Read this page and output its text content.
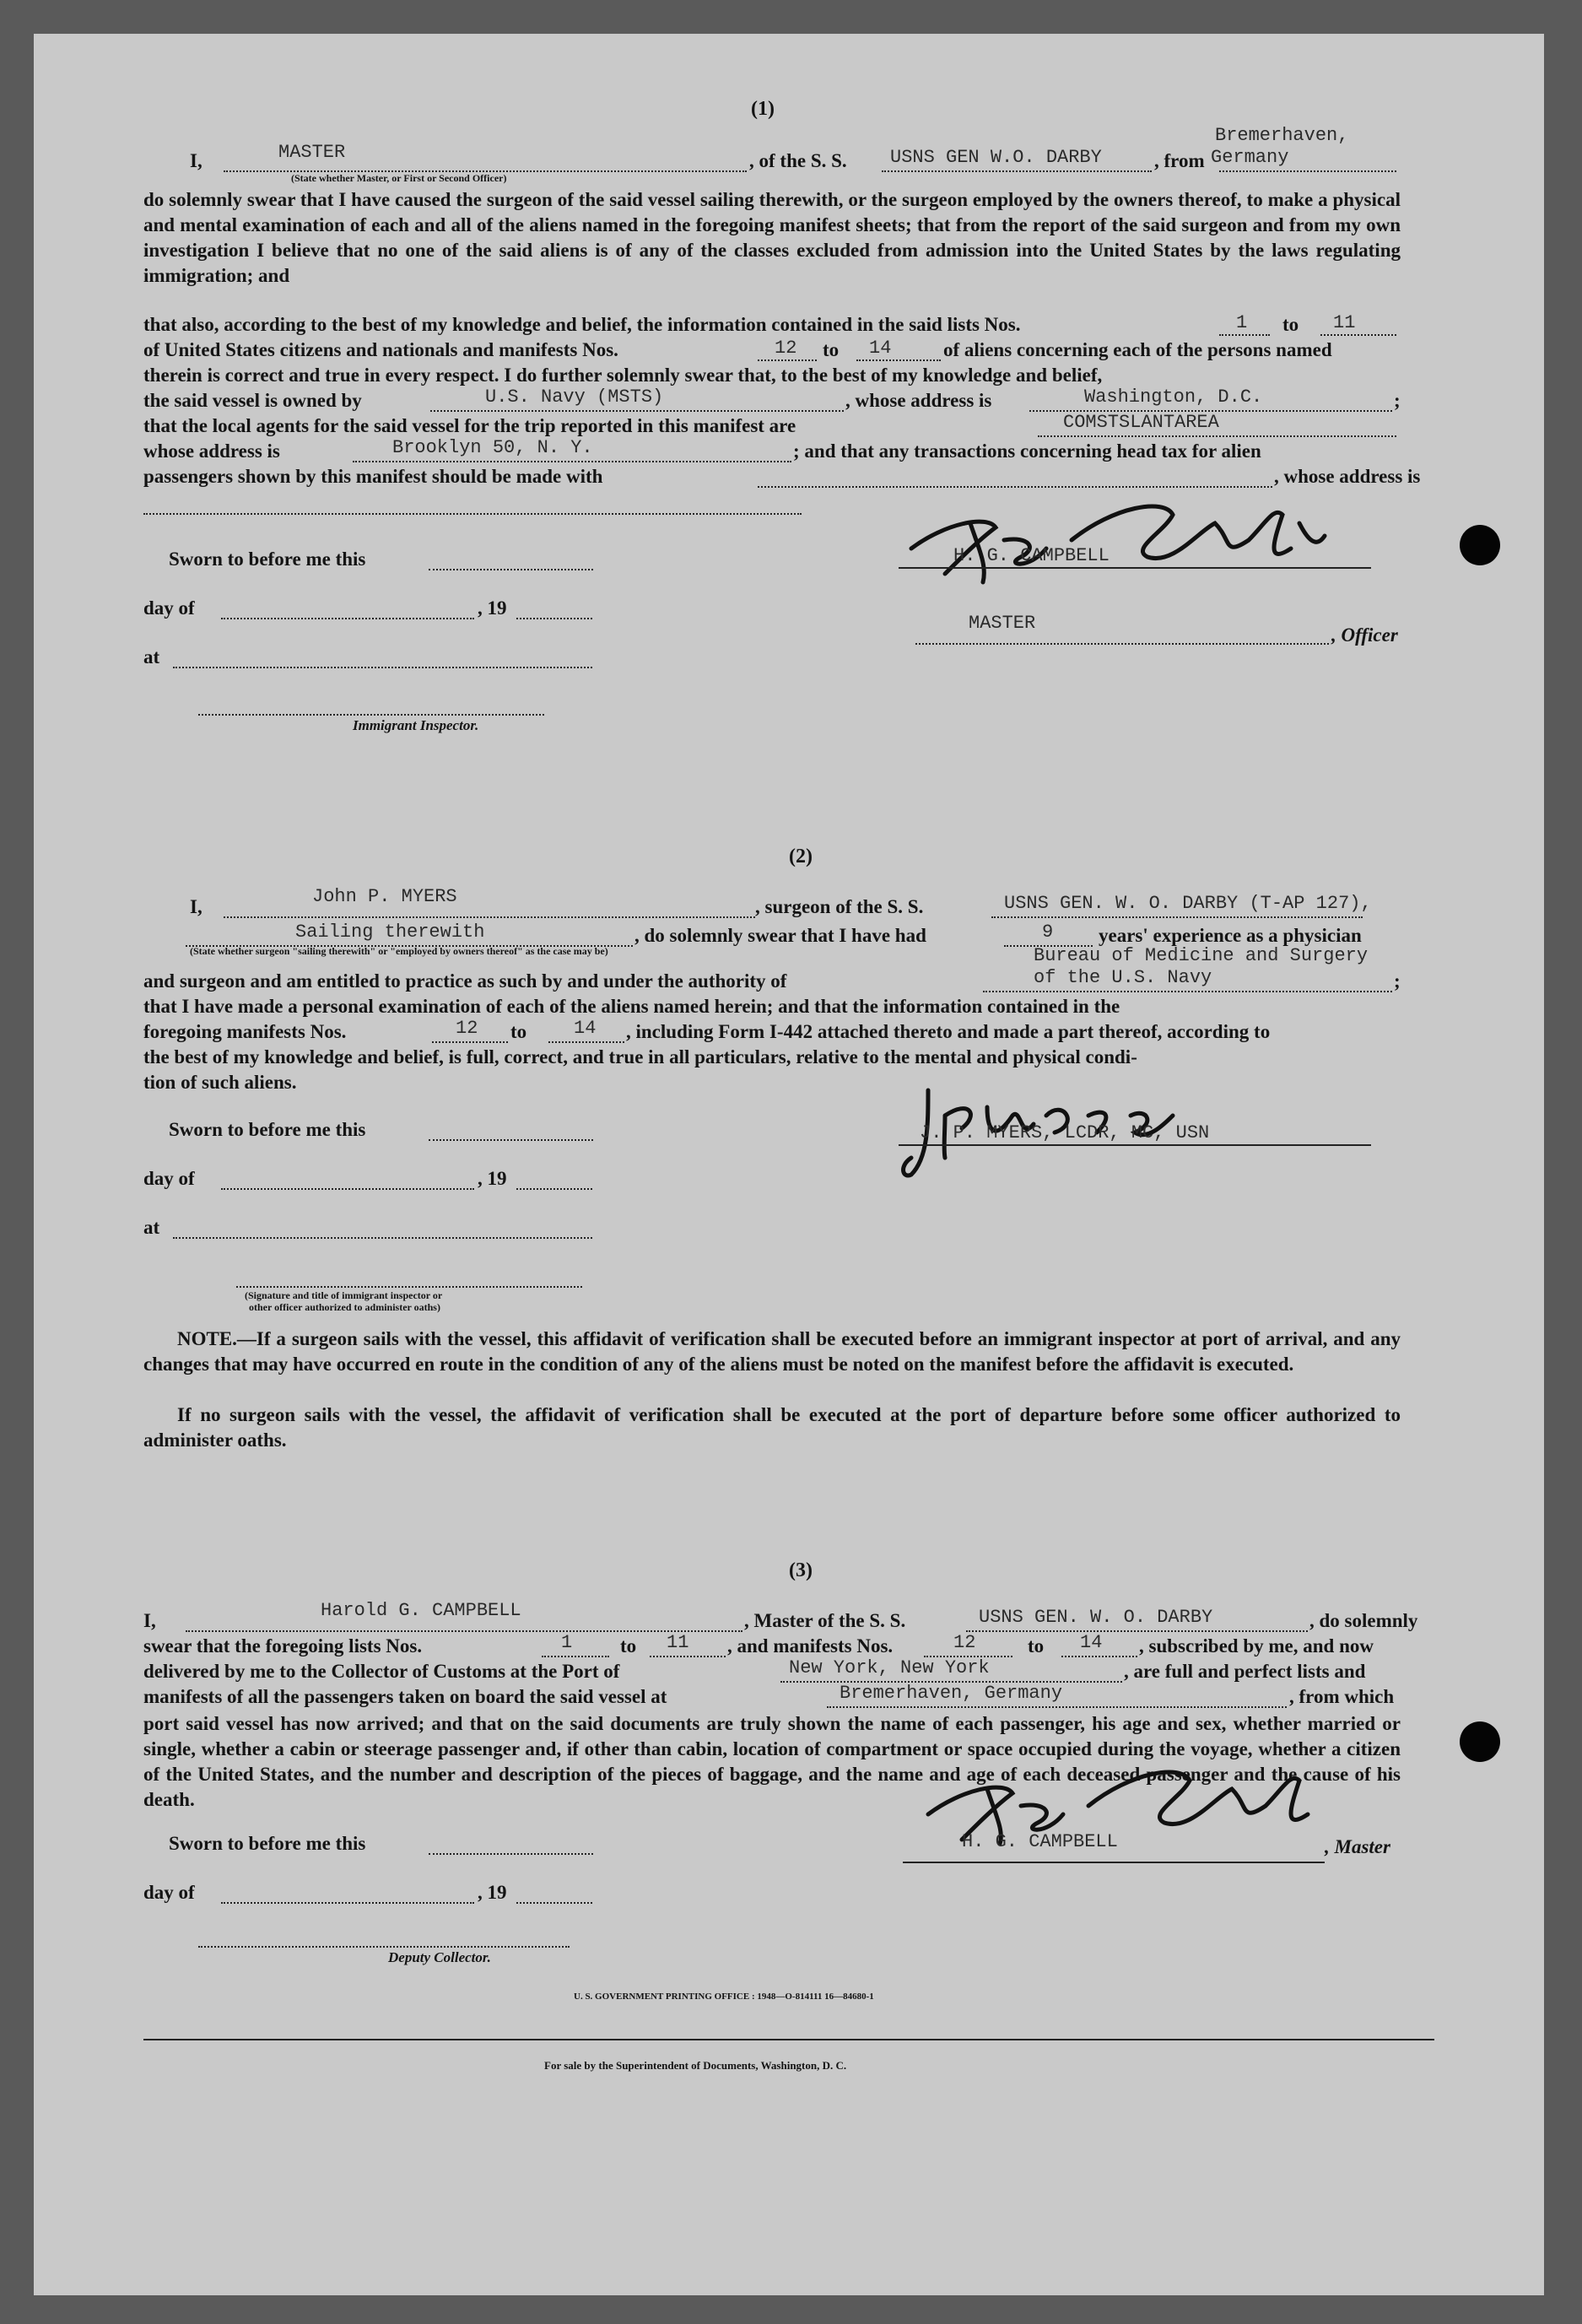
(1)
Bremerhaven,
I,	MASTER
(State whether Master, or First or Second Officer)
, of the S. S. USNS GEN W.O. DARBY	, from Germany
do solemnly swear that I have caused the surgeon of the said vessel sailing therewith, or the surgeon employed by the owners thereof, to make a physical and mental examination of each and all of the aliens named in the foregoing manifest sheets; that from the report of the said surgeon and from my own investigation I believe that no one of the said aliens is of any of the classes excluded from admission into the United States by the laws regulating immigration; and
that also, according to the best of my knowledge and belief, the information contained in the said lists Nos.	1 to 11
of United States citizens and nationals and manifests Nos.	12 to 14	of aliens concerning each of the persons named
therein is correct and true in every respect. I do further solemnly swear that, to the best of my knowledge and belief,
the said vessel is owned by	U.S. Navy (MSTS)	, whose address is	Washington, D.C.	;
that the local agents for the said vessel for the trip reported in this manifest are	COMSTSLANTAREA
whose address is	Brooklyn 50, N. Y.	; and that any transactions concerning head tax for alien
passengers shown by this manifest should be made with	, whose address is
Sworn to before me this
day of	, 19
at
Immigrant Inspector.
H. G. CAMPBELL
MASTER
, Officer
(2)
I,	John P. MYERS	, surgeon of the S. S.	USNS GEN. W. O. DARBY (T-AP 127),
Sailing therewith
(State whether surgeon "sailing therewith" or "employed by owners thereof" as the case may be)
, do solemnly swear that I have had	9 years' experience as a physician
Bureau of Medicine and Surgery
and surgeon and am entitled to practice as such by and under the authority of	of the U.S. Navy	;
that I have made a personal examination of each of the aliens named herein; and that the information contained in the
foregoing manifests Nos.	12 to	14 , including Form I-442 attached thereto and made a part thereof, according to
the best of my knowledge and belief, is full, correct, and true in all particulars, relative to the mental and physical condi-
tion of such aliens.
Sworn to before me this
day of	, 19
at
(Signature and title of immigrant inspector or
other officer authorized to administer oaths)
J. P. MYERS, LCDR, MC, USN
NOTE.—If a surgeon sails with the vessel, this affidavit of verification shall be executed before an immigrant inspector at port of arrival, and any changes that may have occurred en route in the condition of any of the aliens must be noted on the manifest before the affidavit is executed.
If no surgeon sails with the vessel, the affidavit of verification shall be executed at the port of departure before some officer authorized to administer oaths.
(3)
I,	Harold G. CAMPBELL	, Master of the S. S.	USNS GEN. W. O. DARBY	, do solemnly
swear that the foregoing lists Nos.	1 to 11 , and manifests Nos.	12	to 14 , subscribed by me, and now
delivered by me to the Collector of Customs at the Port of	New York, New York	, are full and perfect lists and
manifests of all the passengers taken on board the said vessel at	Bremerhaven, Germany	, from which
port said vessel has now arrived; and that on the said documents are truly shown the name of each passenger, his age and sex, whether married or single, whether a cabin or steerage passenger and, if other than cabin, location of compartment or space occupied during the voyage, whether a citizen of the United States, and the number and description of the pieces of baggage, and the name and age of each deceased passenger and the cause of his death.
Sworn to before me this
day of	, 19
Deputy Collector.
H. G. CAMPBELL	, Master
U. S. GOVERNMENT PRINTING OFFICE : 1948—O-814111 16—84680-1
For sale by the Superintendent of Documents, Washington, D. C.
